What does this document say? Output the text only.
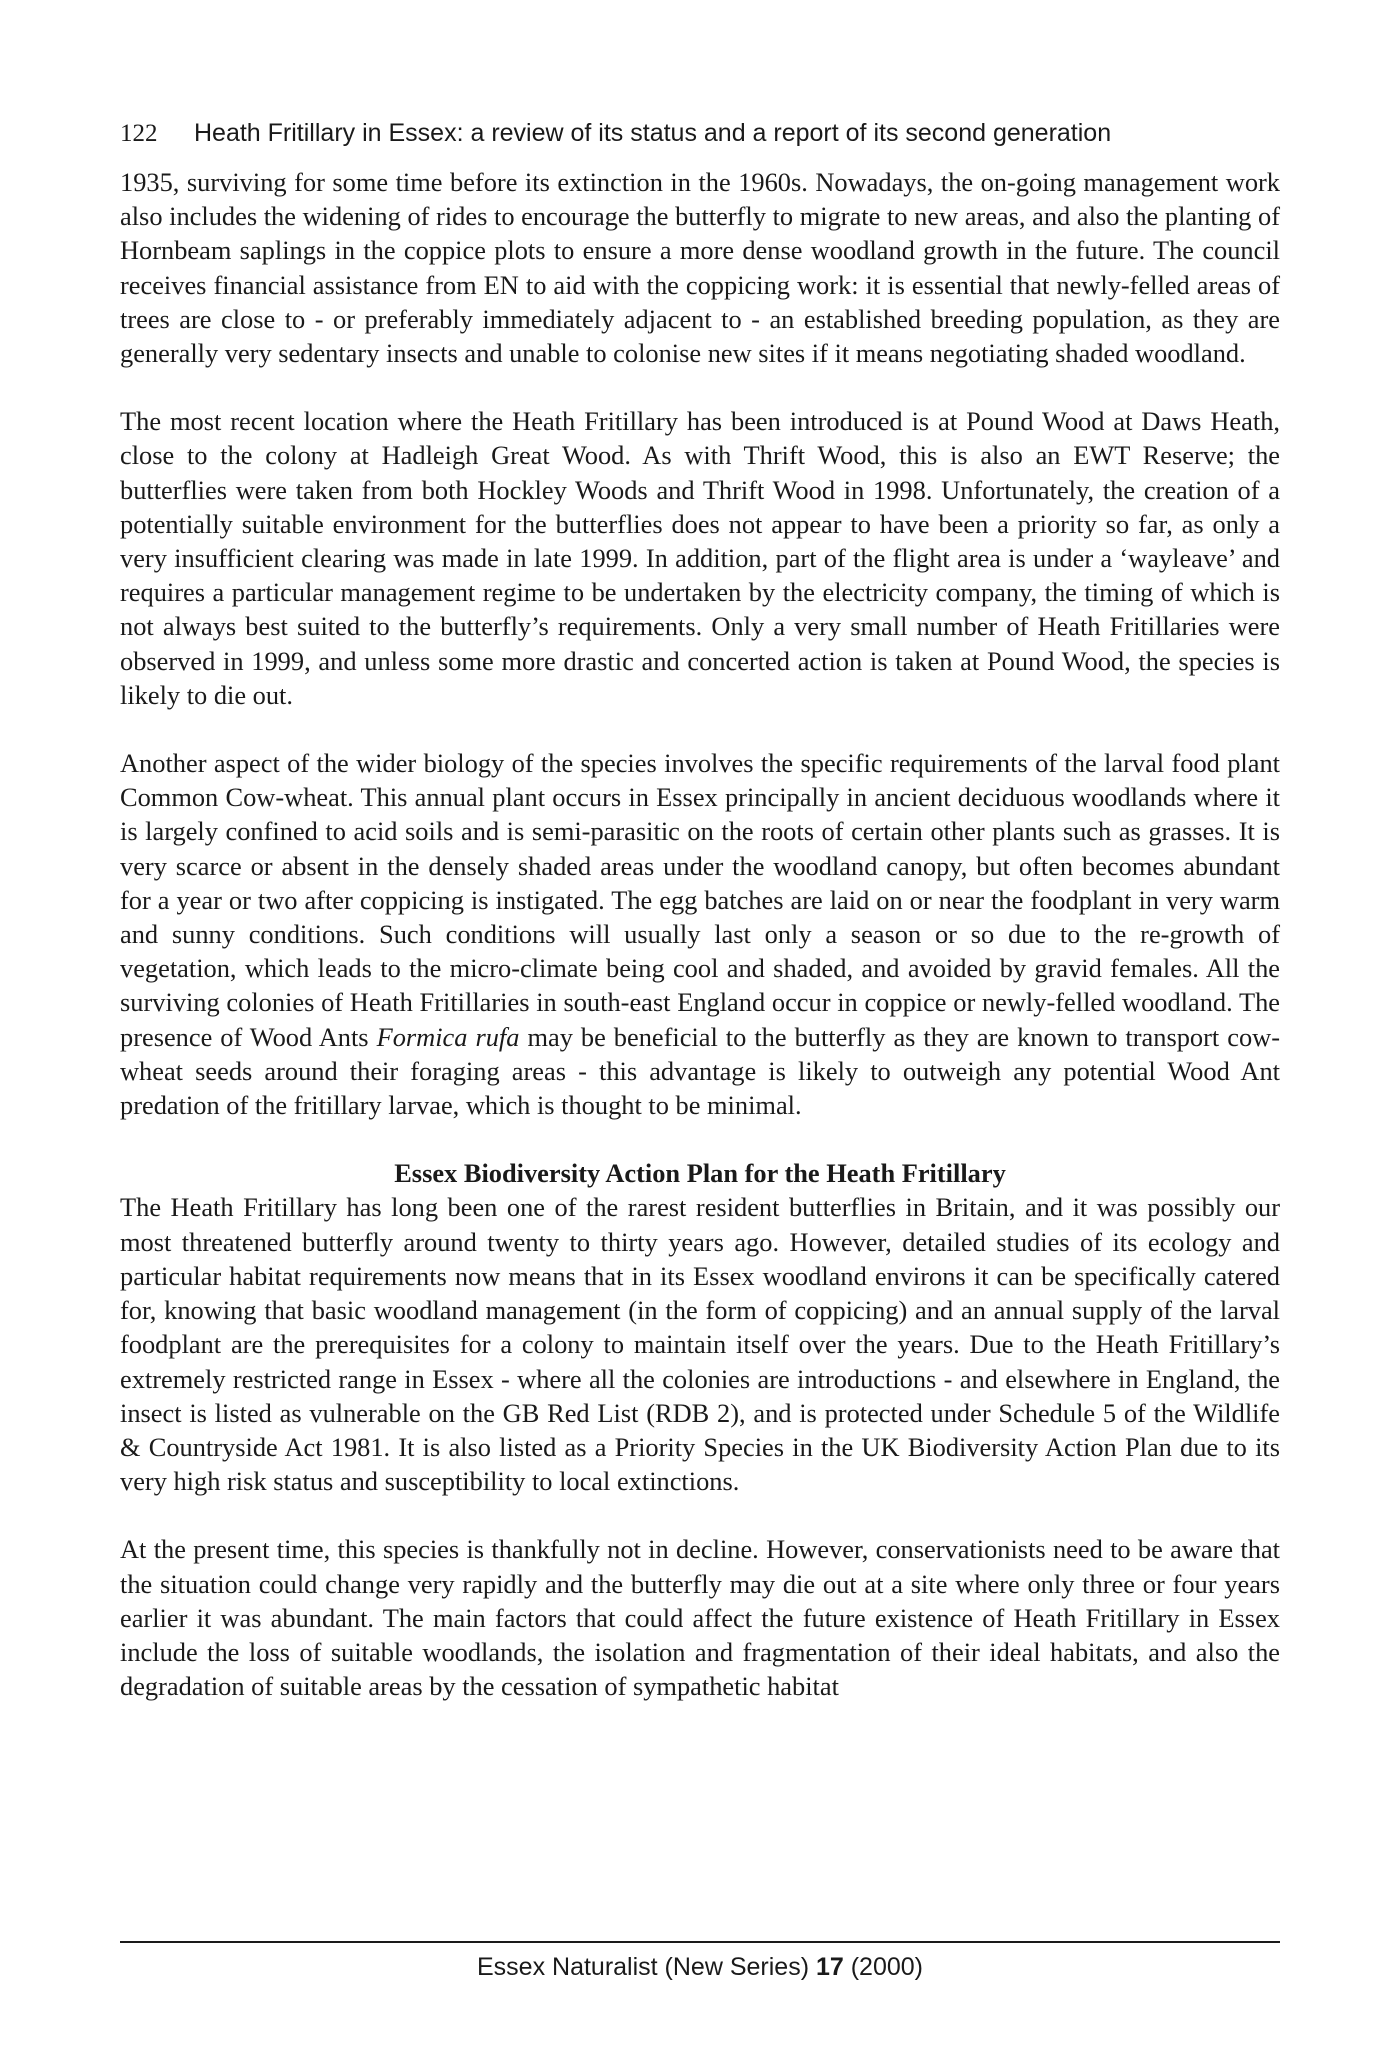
122 Heath Fritillary in Essex: a review of its status and a report of its second generation

1935, surviving for some time before its extinction in the 1960s. Nowadays, the on-going management work also includes the widening of rides to encourage the butterfly to migrate to new areas, and also the planting of Hornbeam saplings in the coppice plots to ensure a more dense woodland growth in the future. The council receives financial assistance from EN to aid with the coppicing work: it is essential that newly-felled areas of trees are close to - or preferably immediately adjacent to - an established breeding population, as they are generally very sedentary insects and unable to colonise new sites if it means negotiating shaded woodland.

The most recent location where the Heath Fritillary has been introduced is at Pound Wood at Daws Heath, close to the colony at Hadleigh Great Wood. As with Thrift Wood, this is also an EWT Reserve; the butterflies were taken from both Hockley Woods and Thrift Wood in 1998. Unfortunately, the creation of a potentially suitable environment for the butterflies does not appear to have been a priority so far, as only a very insufficient clearing was made in late 1999. In addition, part of the flight area is under a ‘wayleave’ and requires a particular management regime to be undertaken by the electricity company, the timing of which is not always best suited to the butterfly’s requirements. Only a very small number of Heath Fritillaries were observed in 1999, and unless some more drastic and concerted action is taken at Pound Wood, the species is likely to die out.

Another aspect of the wider biology of the species involves the specific requirements of the larval food plant Common Cow-wheat. This annual plant occurs in Essex principally in ancient deciduous woodlands where it is largely confined to acid soils and is semi-parasitic on the roots of certain other plants such as grasses. It is very scarce or absent in the densely shaded areas under the woodland canopy, but often becomes abundant for a year or two after coppicing is instigated. The egg batches are laid on or near the foodplant in very warm and sunny conditions. Such conditions will usually last only a season or so due to the re-growth of vegetation, which leads to the micro-climate being cool and shaded, and avoided by gravid females. All the surviving colonies of Heath Fritillaries in south-east England occur in coppice or newly-felled woodland. The presence of Wood Ants Formica rufa may be beneficial to the butterfly as they are known to transport cow-wheat seeds around their foraging areas - this advantage is likely to outweigh any potential Wood Ant predation of the fritillary larvae, which is thought to be minimal.

Essex Biodiversity Action Plan for the Heath Fritillary

The Heath Fritillary has long been one of the rarest resident butterflies in Britain, and it was possibly our most threatened butterfly around twenty to thirty years ago. However, detailed studies of its ecology and particular habitat requirements now means that in its Essex woodland environs it can be specifically catered for, knowing that basic woodland management (in the form of coppicing) and an annual supply of the larval foodplant are the prerequisites for a colony to maintain itself over the years. Due to the Heath Fritillary’s extremely restricted range in Essex - where all the colonies are introductions - and elsewhere in England, the insect is listed as vulnerable on the GB Red List (RDB 2), and is protected under Schedule 5 of the Wildlife & Countryside Act 1981. It is also listed as a Priority Species in the UK Biodiversity Action Plan due to its very high risk status and susceptibility to local extinctions.

At the present time, this species is thankfully not in decline. However, conservationists need to be aware that the situation could change very rapidly and the butterfly may die out at a site where only three or four years earlier it was abundant. The main factors that could affect the future existence of Heath Fritillary in Essex include the loss of suitable woodlands, the isolation and fragmentation of their ideal habitats, and also the degradation of suitable areas by the cessation of sympathetic habitat

Essex Naturalist (New Series) 17 (2000)
